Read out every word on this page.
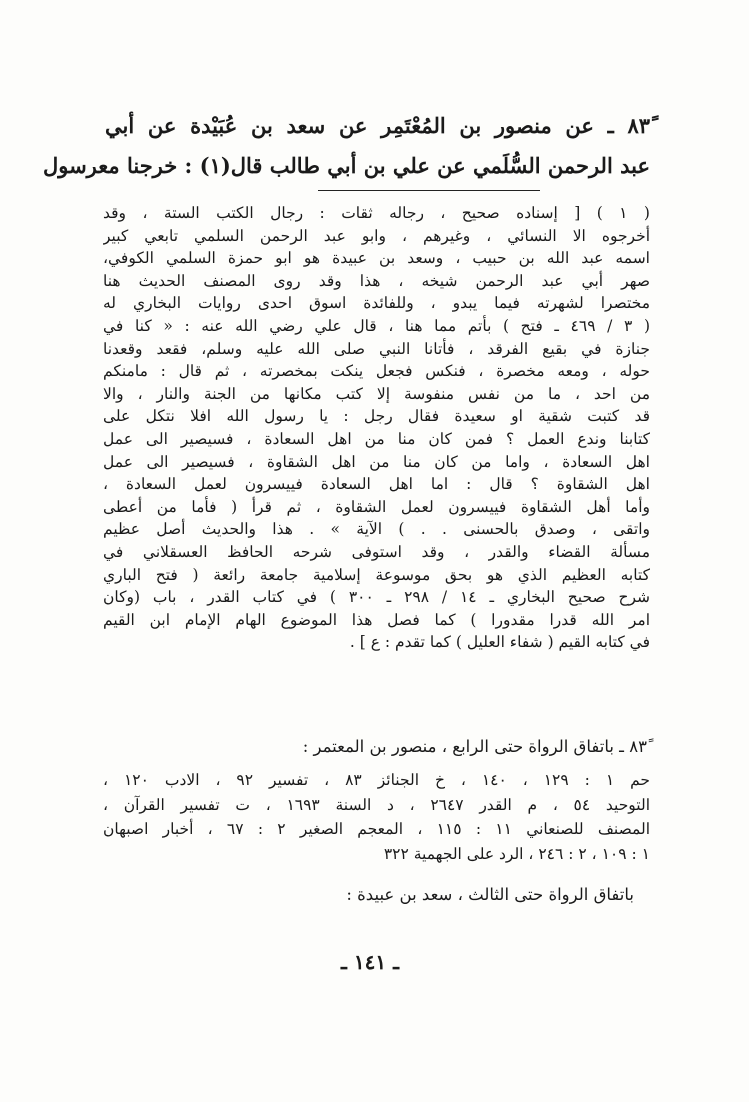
٨٣ً ـ عن منصور بن المُعْتَمِر عن سعد بن عُبَيْدة عن أبي
عبد الرحمن السُّلَمي عن علي بن أبي طالب قال(١) : خرجنا معرسول
( ١ ) [ إسناده صحيح ، رجاله ثقات : رجال الكتب الستة ، وقد
أخرجوه الا النسائي ، وغيرهم ، وابو عبد الرحمن السلمي تابعي كبير
اسمه عبد الله بن حبيب ، وسعد بن عبيدة هو ابو حمزة السلمي الكوفي،
صهر أبي عبد الرحمن شيخه ، هذا وقد روى المصنف الحديث هنا
مختصرا لشهرته فيما يبدو ، وللفائدة اسوق احدى روايات البخاري له
( ٣ / ٤٦٩ ـ فتح ) بأتم مما هنا ، قال علي رضي الله عنه : « كنا في
جنازة في بقيع الفرقد ، فأتانا النبي صلى الله عليه وسلم، فقعد وقعدنا
حوله ، ومعه مخصرة ، فنكس فجعل ينكت بمخصرته ، ثم قال : مامنكم
من احد ، ما من نفس منفوسة إلا كتب مكانها من الجنة والنار ، والا
قد كتبت شقية او سعيدة فقال رجل : يا رسول الله افلا نتكل على
كتابنا وندع العمل ؟ فمن كان منا من اهل السعادة ، فسيصير الى عمل
اهل السعادة ، واما من كان منا من اهل الشقاوة ، فسيصير الى عمل
اهل الشقاوة ؟ قال : اما اهل السعادة فييسرون لعمل السعادة ،
وأما أهل الشقاوة فييسرون لعمل الشقاوة ، ثم قرأ ( فأما من أعطى
واتقى ، وصدق بالحسنى . . ) الآية » . هذا والحديث أصل عظيم
مسألة القضاء والقدر ، وقد استوفى شرحه الحافظ العسقلاني في
كتابه العظيم الذي هو بحق موسوعة إسلامية جامعة رائعة ( فتح الباري
شرح صحيح البخاري ـ ١٤ / ٢٩٨ ـ ٣٠٠ ) في كتاب القدر ، باب (وكان
امر الله قدرا مقدورا ) كما فصل هذا الموضوع الهام الإمام ابن القيم
في كتابه القيم ( شفاء العليل ) كما تقدم : ع ] .
٨٣ً ـ باتفاق الرواة حتى الرابع ، منصور بن المعتمر :
حم ١ : ١٢٩ ، ١٤٠ ، خ الجنائز ٨٣ ، تفسير ٩٢ ، الادب ١٢٠ ،
التوحيد ٥٤ ، م القدر ٢٦٤٧ ، د السنة ١٦٩٣ ، ت تفسير القرآن ،
المصنف للصنعاني ١١ : ١١٥ ، المعجم الصغير ٢ : ٦٧ ، أخبار اصبهان
١ : ١٠٩ ، ٢ : ٢٤٦ ، الرد على الجهمية ٣٢٢
باتفاق الرواة حتى الثالث ، سعد بن عبيدة :
ـ ١٤١ ـ
